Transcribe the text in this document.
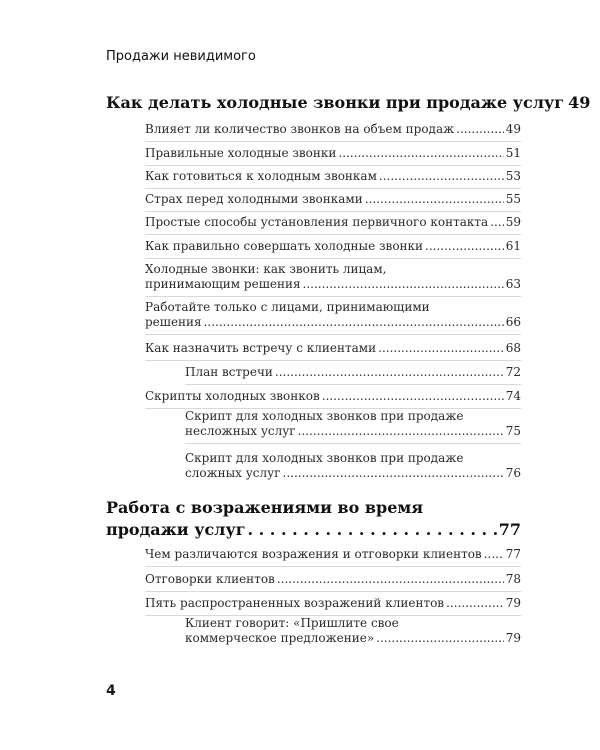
Продажи невидимого
Как делать холодные звонки при продаже услуг 49
Влияет ли количество звонков на объем продаж .....	49
Правильные холодные звонки .....	51
Как готовиться к холодным звонкам .....	53
Страх перед холодными звонками .....	55
Простые способы установления первичного контакта ..... 59
Как правильно совершать холодные звонки .....	61
Холодные звонки: как звонить лицам,
принимающим решения .....	63
Работайте только с лицами, принимающими
решения .....	66
Как назначить встречу с клиентами .....	68
План встречи .....	72
Скрипты холодных звонков .....	74
Скрипт для холодных звонков при продаже
несложных услуг .....	75
Скрипт для холодных звонков при продаже
сложных услуг .....	76
Работа с возражениями во время
продажи услуг . . .	77
Чем различаются возражения и отговорки клиентов ..... 77
Отговорки клиентов .....	78
Пять распространенных возражений клиентов .....	79
Клиент говорит: «Пришлите свое
коммерческое предложение» .....	79
4
